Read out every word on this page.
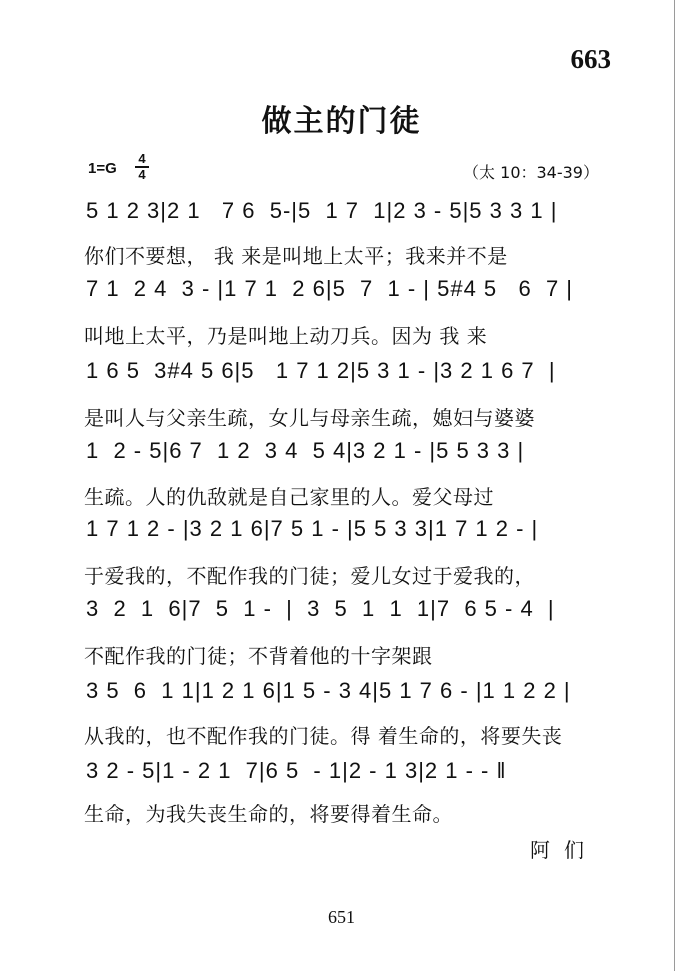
663
做主的门徒
1=G
4
4	（太 10：34-39）
5 1 2 3|2 1   7 6  5-|5  1 7  1|2 3 - 5|5 3 3 1 |
你们不要想， 我 来是叫地上太平；我来并不是
7 1  2 4  3 - |1 7 1  2 6|5  7  1 - | 5#4 5   6  7 |
叫地上太平，乃是叫地上动刀兵。因为 我 来
1 6 5  3#4 5 6|5   1 7 1 2|5 3 1 - |3 2 1 6 7  |
是叫人与父亲生疏，女儿与母亲生疏，媳妇与婆婆
1  2 - 5|6 7  1 2  3 4  5 4|3 2 1 - |5 5 3 3 |
生疏。人的仇敌就是自己家里的人。爱父母过
1 7 1 2 - |3 2 1 6|7 5 1 - |5 5 3 3|1 7 1 2 - |
于爱我的，不配作我的门徒；爱儿女过于爱我的，
3  2  1  6|7  5  1 -  |  3  5  1  1  1|7  6 5 - 4  |
不配作我的门徒；不背着他的十字架跟
3 5  6  1 1|1 2 1 6|1 5 - 3 4|5 1 7 6 - |1 1 2 2 |
从我的，也不配作我的门徒。得 着生命的，将要失丧
3 2 - 5|1 - 2 1  7|6 5  - 1|2 - 1 3|2 1 - - ‖
生命，为我失丧生命的，将要得着生命。
阿们
651
